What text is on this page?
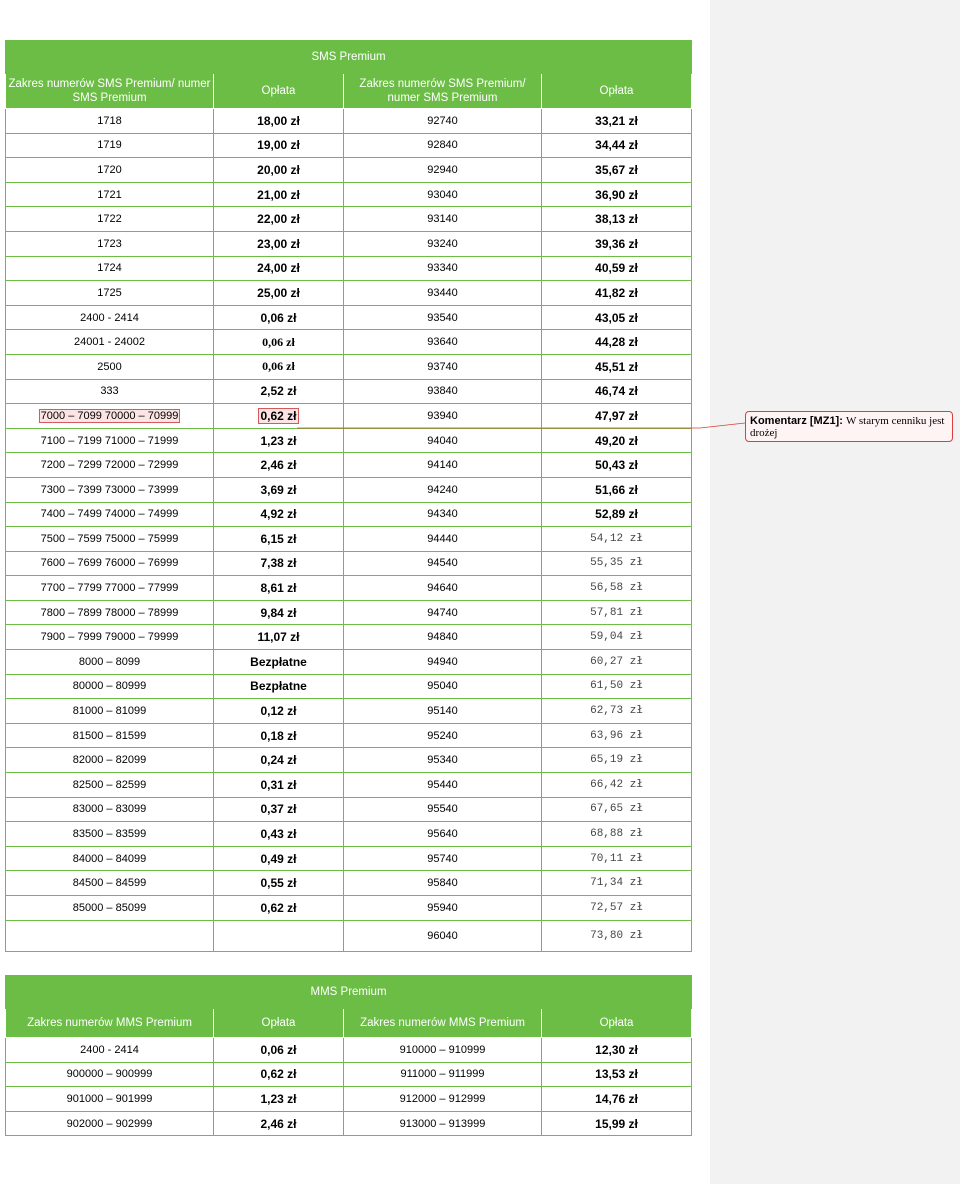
SMS Premium			
Zakres numerów SMS Premium/ numer SMS Premium	Opłata	Zakres numerów SMS Premium/ numer SMS Premium	Opłata
1718	18,00 zł	92740	33,21 zł
1719	19,00 zł	92840	34,44 zł
1720	20,00 zł	92940	35,67 zł
1721	21,00 zł	93040	36,90 zł
1722	22,00 zł	93140	38,13 zł
1723	23,00 zł	93240	39,36 zł
1724	24,00 zł	93340	40,59 zł
1725	25,00 zł	93440	41,82 zł
2400 - 2414	0,06 zł	93540	43,05 zł
24001 - 24002	0,06 zł	93640	44,28 zł
2500	0,06 zł	93740	45,51 zł
333	2,52 zł	93840	46,74 zł
7000 – 7099 70000 – 70999	0,62 zł	93940	47,97 zł
7100 – 7199 71000 – 71999	1,23 zł	94040	49,20 zł
7200 – 7299 72000 – 72999	2,46 zł	94140	50,43 zł
7300 – 7399 73000 – 73999	3,69 zł	94240	51,66 zł
7400 – 7499 74000 – 74999	4,92 zł	94340	52,89 zł
7500 – 7599 75000 – 75999	6,15 zł	94440	54,12 zł
7600 – 7699 76000 – 76999	7,38 zł	94540	55,35 zł
7700 – 7799 77000 – 77999	8,61 zł	94640	56,58 zł
7800 – 7899 78000 – 78999	9,84 zł	94740	57,81 zł
7900 – 7999 79000 – 79999	11,07 zł	94840	59,04 zł
8000 – 8099	Bezpłatne	94940	60,27 zł
80000 – 80999	Bezpłatne	95040	61,50 zł
81000 – 81099	0,12 zł	95140	62,73 zł
81500 – 81599	0,18 zł	95240	63,96 zł
82000 – 82099	0,24 zł	95340	65,19 zł
82500 – 82599	0,31 zł	95440	66,42 zł
83000 – 83099	0,37 zł	95540	67,65 zł
83500 – 83599	0,43 zł	95640	68,88 zł
84000 – 84099	0,49 zł	95740	70,11 zł
84500 – 84599	0,55 zł	95840	71,34 zł
85000 – 85099	0,62 zł	95940	72,57 zł
		96040	73,80 zł
MMS Premium			
Zakres numerów MMS Premium	Opłata	Zakres numerów MMS Premium	Opłata
2400 - 2414	0,06 zł	910000 – 910999	12,30 zł
900000 – 900999	0,62 zł	911000 – 911999	13,53 zł
901000 – 901999	1,23 zł	912000 – 912999	14,76 zł
902000 – 902999	2,46 zł	913000 – 913999	15,99 zł
Komentarz [MZ1]: W starym cenniku jest drożej
